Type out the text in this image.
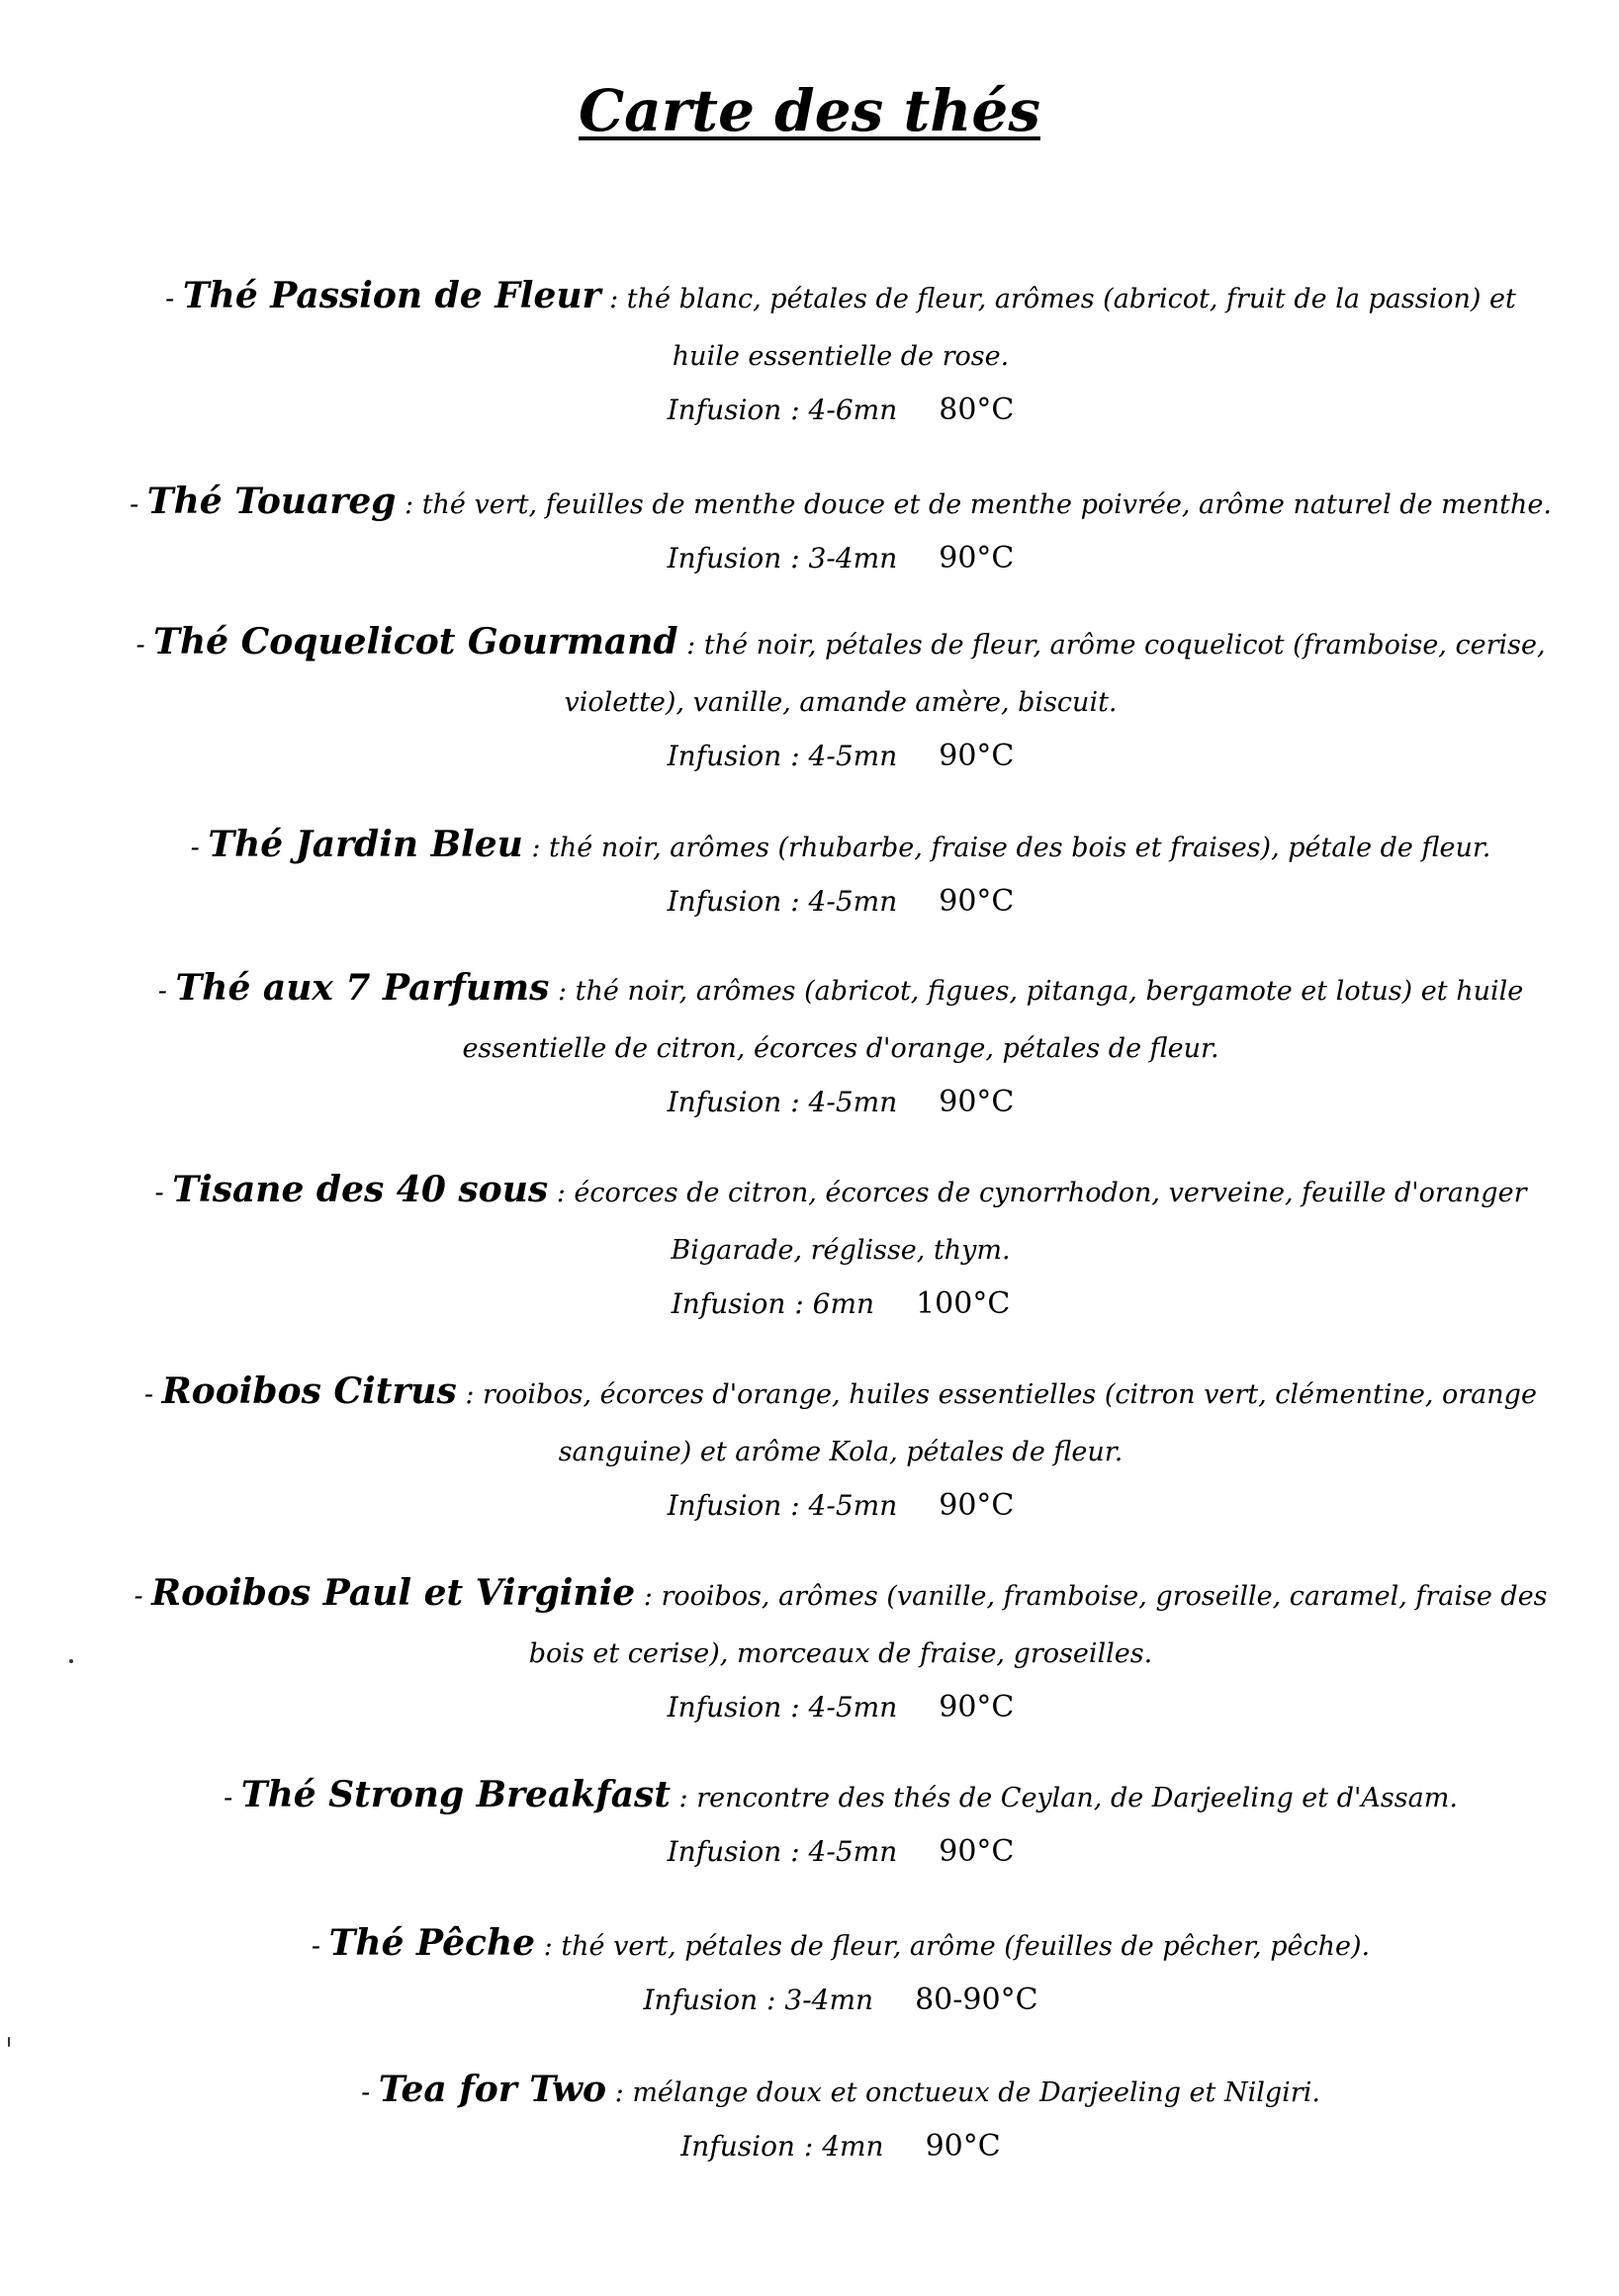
Carte des thés
- Thé Passion de Fleur : thé blanc, pétales de fleur, arômes (abricot, fruit de la passion) et huile essentielle de rose.
Infusion : 4-6mn 80°C
- Thé Touareg : thé vert, feuilles de menthe douce et de menthe poivrée, arôme naturel de menthe.
Infusion : 3-4mn 90°C
- Thé Coquelicot Gourmand : thé noir, pétales de fleur, arôme coquelicot (framboise, cerise, violette), vanille, amande amère, biscuit.
Infusion : 4-5mn 90°C
- Thé Jardin Bleu : thé noir, arômes (rhubarbe, fraise des bois et fraises), pétale de fleur.
Infusion : 4-5mn 90°C
- Thé aux 7 Parfums : thé noir, arômes (abricot, figues, pitanga, bergamote et lotus) et huile essentielle de citron, écorces d'orange, pétales de fleur.
Infusion : 4-5mn 90°C
- Tisane des 40 sous : écorces de citron, écorces de cynorrhodon, verveine, feuille d'oranger Bigarade, réglisse, thym.
Infusion : 6mn 100°C
- Rooibos Citrus : rooibos, écorces d'orange, huiles essentielles (citron vert, clémentine, orange sanguine) et arôme Kola, pétales de fleur.
Infusion : 4-5mn 90°C
- Rooibos Paul et Virginie : rooibos, arômes (vanille, framboise, groseille, caramel, fraise des bois et cerise), morceaux de fraise, groseilles.
Infusion : 4-5mn 90°C
- Thé Strong Breakfast : rencontre des thés de Ceylan, de Darjeeling et d'Assam.
Infusion : 4-5mn 90°C
- Thé Pêche : thé vert, pétales de fleur, arôme (feuilles de pêcher, pêche).
Infusion : 3-4mn 80-90°C
- Tea for Two : mélange doux et onctueux de Darjeeling et Nilgiri.
Infusion : 4mn 90°C
